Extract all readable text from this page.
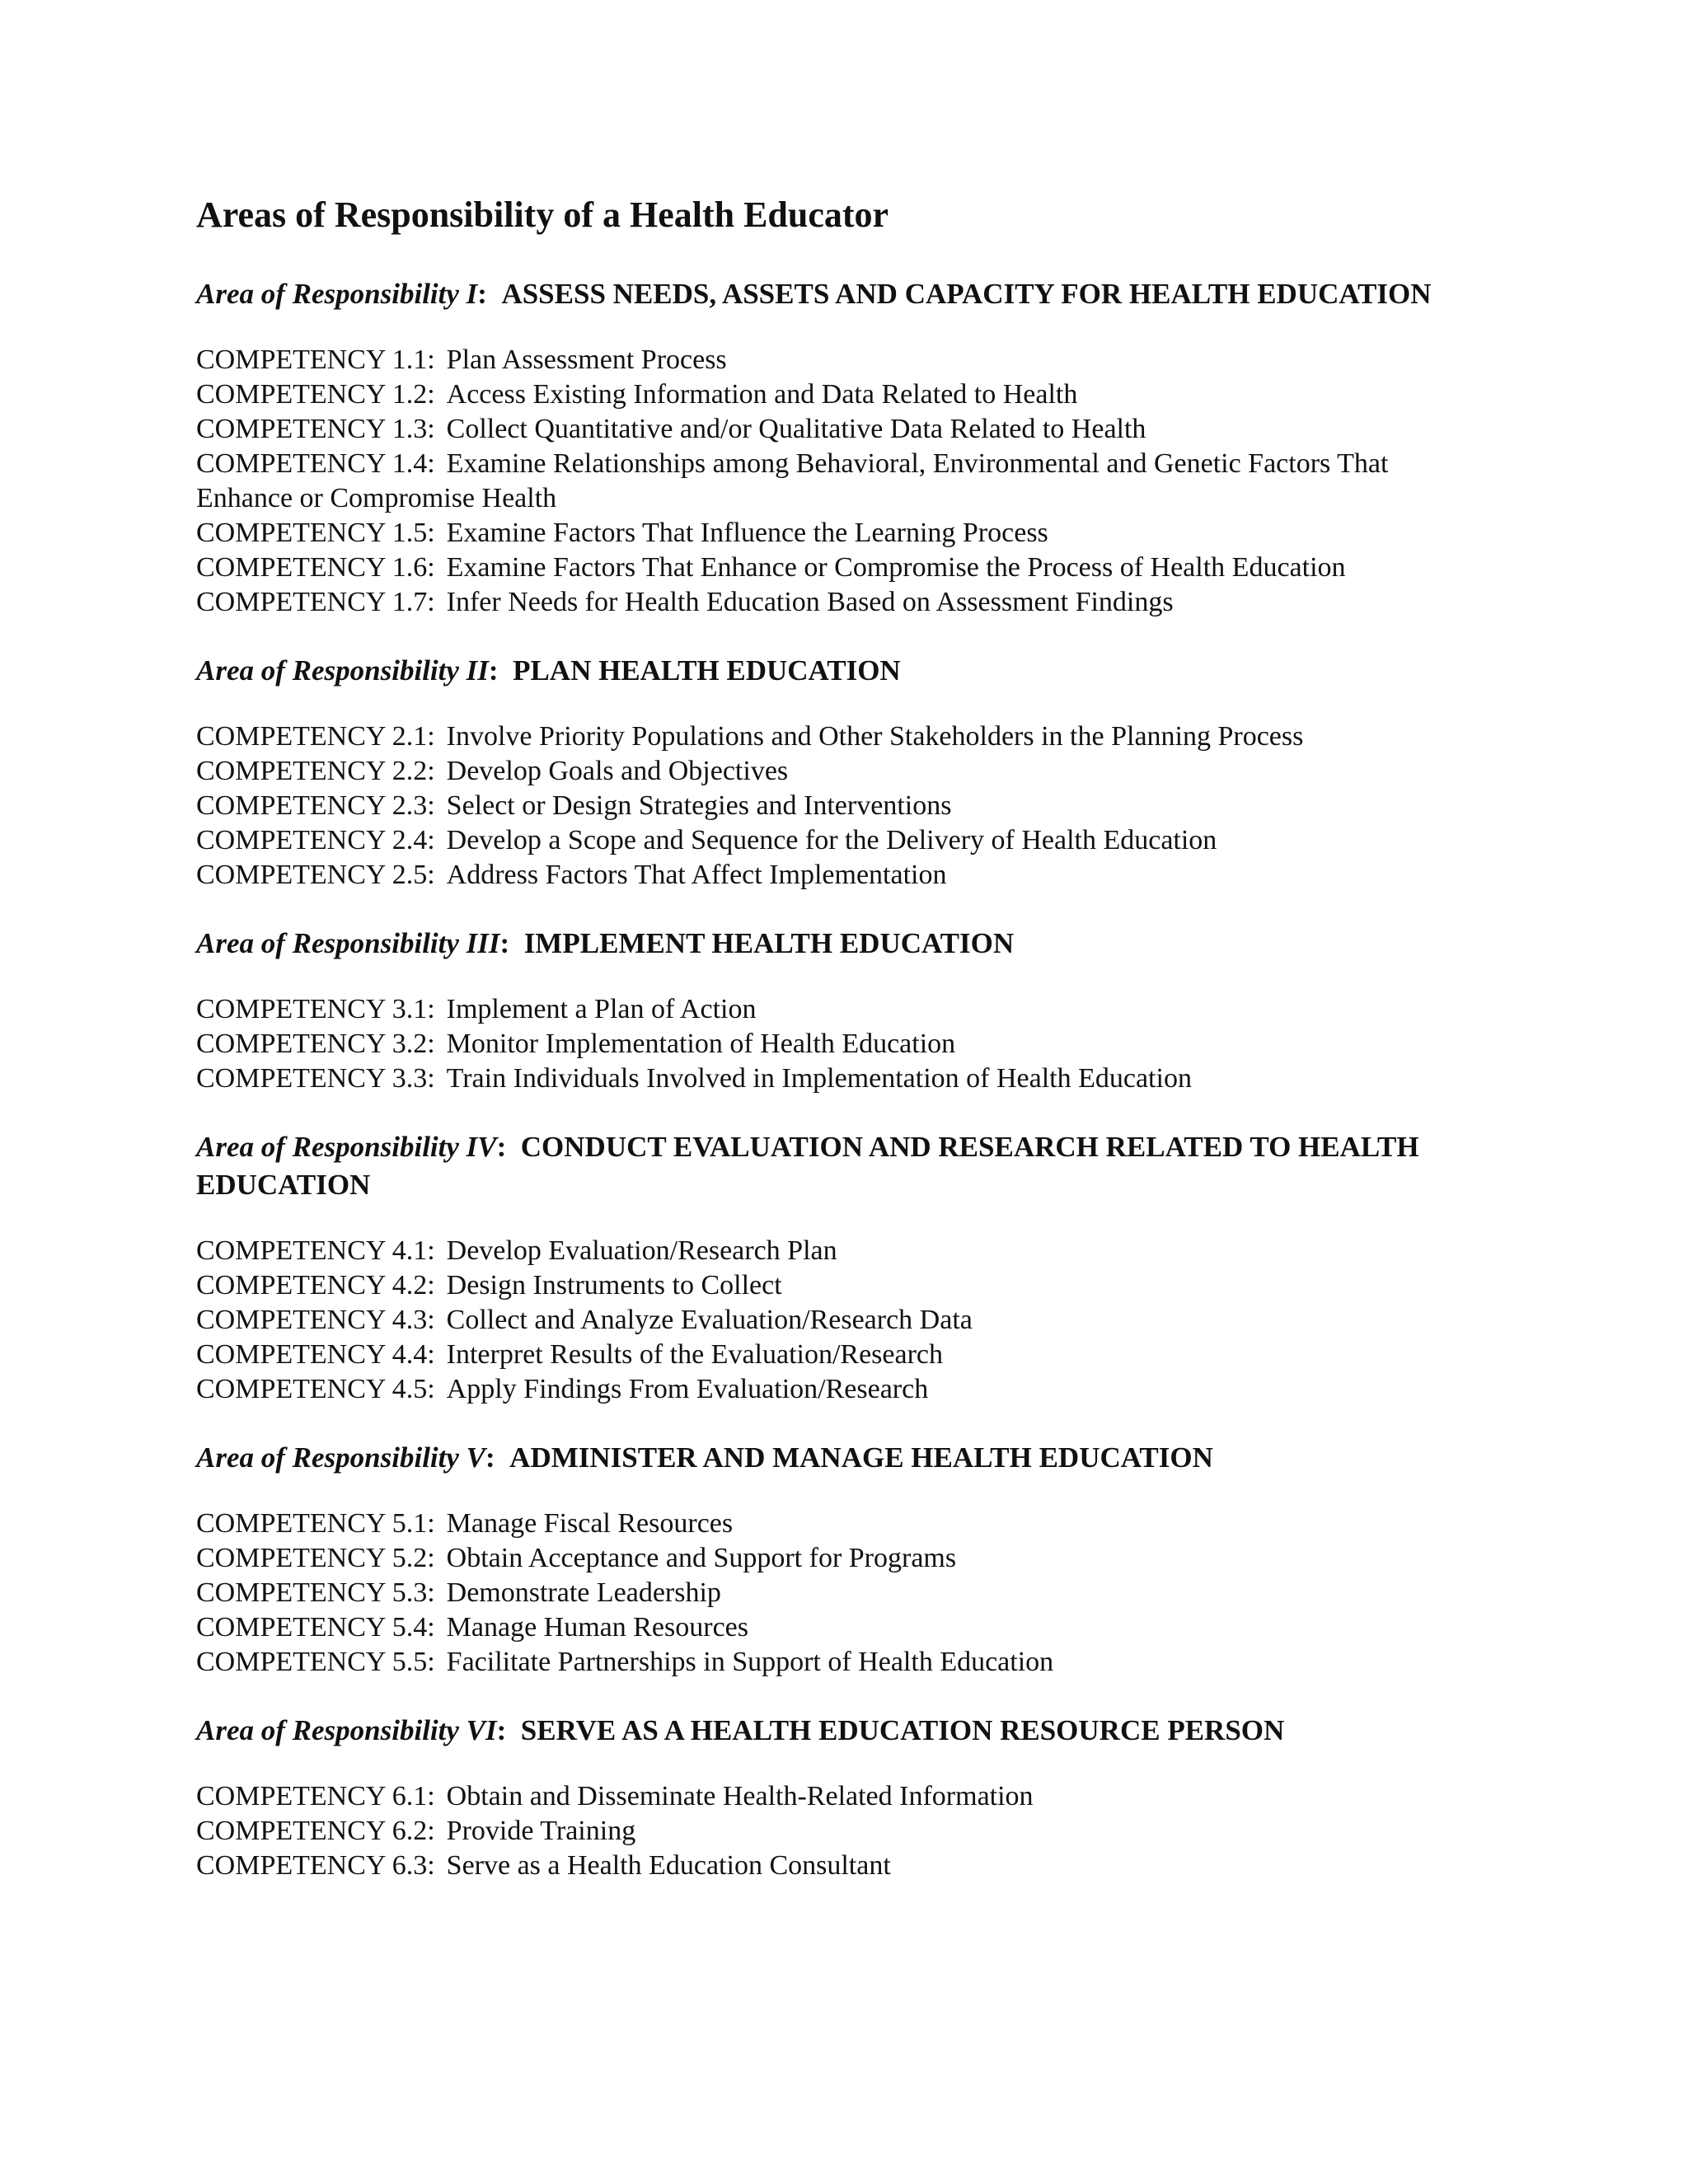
Areas of Responsibility of a Health Educator
Area of Responsibility I: ASSESS NEEDS, ASSETS AND CAPACITY FOR HEALTH EDUCATION
COMPETENCY 1.1: Plan Assessment Process
COMPETENCY 1.2: Access Existing Information and Data Related to Health
COMPETENCY 1.3: Collect Quantitative and/or Qualitative Data Related to Health
COMPETENCY 1.4: Examine Relationships among Behavioral, Environmental and Genetic Factors That Enhance or Compromise Health
COMPETENCY 1.5: Examine Factors That Influence the Learning Process
COMPETENCY 1.6: Examine Factors That Enhance or Compromise the Process of Health Education
COMPETENCY 1.7: Infer Needs for Health Education Based on Assessment Findings
Area of Responsibility II: PLAN HEALTH EDUCATION
COMPETENCY 2.1: Involve Priority Populations and Other Stakeholders in the Planning Process
COMPETENCY 2.2: Develop Goals and Objectives
COMPETENCY 2.3: Select or Design Strategies and Interventions
COMPETENCY 2.4: Develop a Scope and Sequence for the Delivery of Health Education
COMPETENCY 2.5: Address Factors That Affect Implementation
Area of Responsibility III: IMPLEMENT HEALTH EDUCATION
COMPETENCY 3.1: Implement a Plan of Action
COMPETENCY 3.2: Monitor Implementation of Health Education
COMPETENCY 3.3: Train Individuals Involved in Implementation of Health Education
Area of Responsibility IV: CONDUCT EVALUATION AND RESEARCH RELATED TO HEALTH EDUCATION
COMPETENCY 4.1: Develop Evaluation/Research Plan
COMPETENCY 4.2: Design Instruments to Collect
COMPETENCY 4.3: Collect and Analyze Evaluation/Research Data
COMPETENCY 4.4: Interpret Results of the Evaluation/Research
COMPETENCY 4.5: Apply Findings From Evaluation/Research
Area of Responsibility V: ADMINISTER AND MANAGE HEALTH EDUCATION
COMPETENCY 5.1: Manage Fiscal Resources
COMPETENCY 5.2: Obtain Acceptance and Support for Programs
COMPETENCY 5.3: Demonstrate Leadership
COMPETENCY 5.4: Manage Human Resources
COMPETENCY 5.5: Facilitate Partnerships in Support of Health Education
Area of Responsibility VI: SERVE AS A HEALTH EDUCATION RESOURCE PERSON
COMPETENCY 6.1: Obtain and Disseminate Health-Related Information
COMPETENCY 6.2: Provide Training
COMPETENCY 6.3: Serve as a Health Education Consultant
